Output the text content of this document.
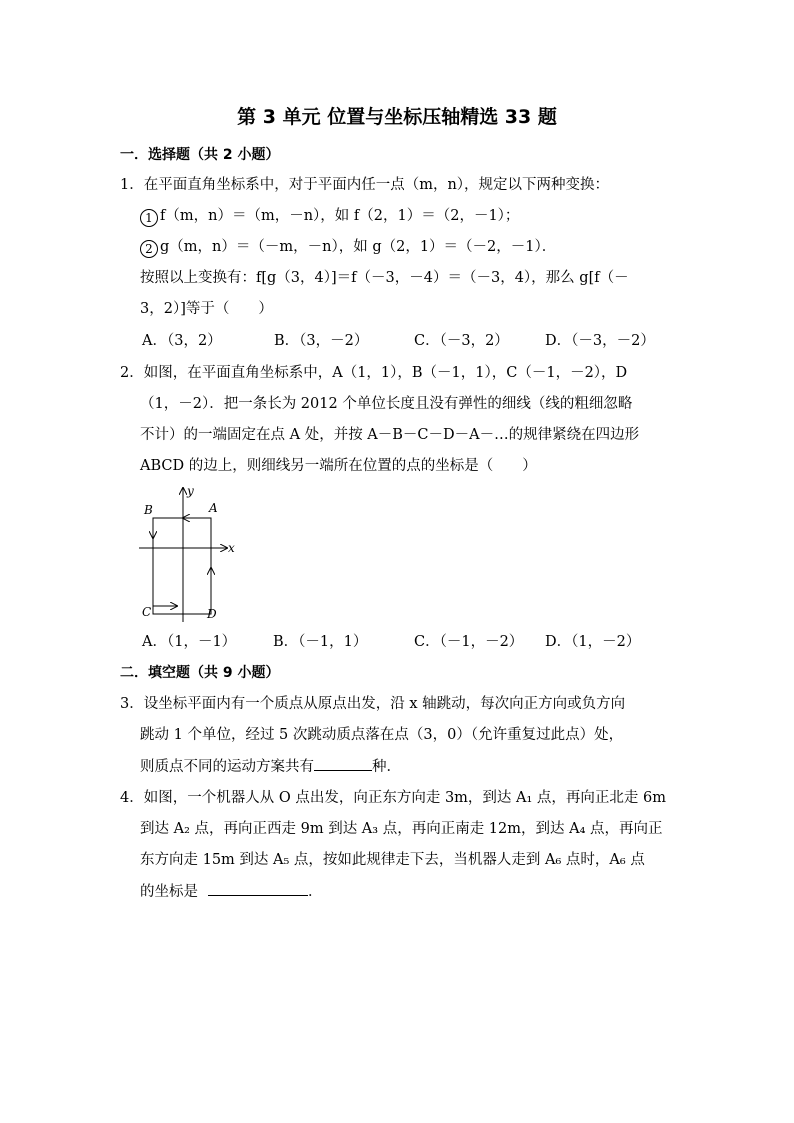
第 3 单元 位置与坐标压轴精选 33 题
一．选择题（共 2 小题）
1．在平面直角坐标系中，对于平面内任一点（m，n），规定以下两种变换：
1 f（m，n）＝（m，－n），如 f（2，1）＝（2，－1）；
2 g（m，n）＝（－m，－n），如 g（2，1）＝（－2，－1）．
按照以上变换有：f[g（3，4）]＝f（－3，－4）＝（－3，4），那么 g[f（－
3，2）]等于（　　）
A．（3，2）	B．（3，－2）	C．（－3，2） D．（－3，－2）
2．如图，在平面直角坐标系中，A（1，1），B（－1，1），C（－1，－2），D
（1，－2）．把一条长为 2012 个单位长度且没有弹性的细线（线的粗细忽略
不计）的一端固定在点 A 处，并按 A－B－C－D－A－…的规律紧绕在四边形
ABCD 的边上，则细线另一端所在位置的点的坐标是（　　）
y
x
A
B
C	D
A．（1，－1）	B．（－1，1）	C．（－1，－2） D．（1，－2）
二．填空题（共 9 小题）
3．设坐标平面内有一个质点从原点出发，沿 x 轴跳动，每次向正方向或负方向
跳动 1 个单位，经过 5 次跳动质点落在点（3，0）（允许重复过此点）处，
则质点不同的运动方案共有	种．
4．如图，一个机器人从 O 点出发，向正东方向走 3m，到达 A₁ 点，再向正北走 6m
到达 A₂ 点，再向正西走 9m 到达 A₃ 点，再向正南走 12m，到达 A₄ 点，再向正
东方向走 15m 到达 A₅ 点，按如此规律走下去，当机器人走到 A₆ 点时，A₆ 点
的坐标是	．
